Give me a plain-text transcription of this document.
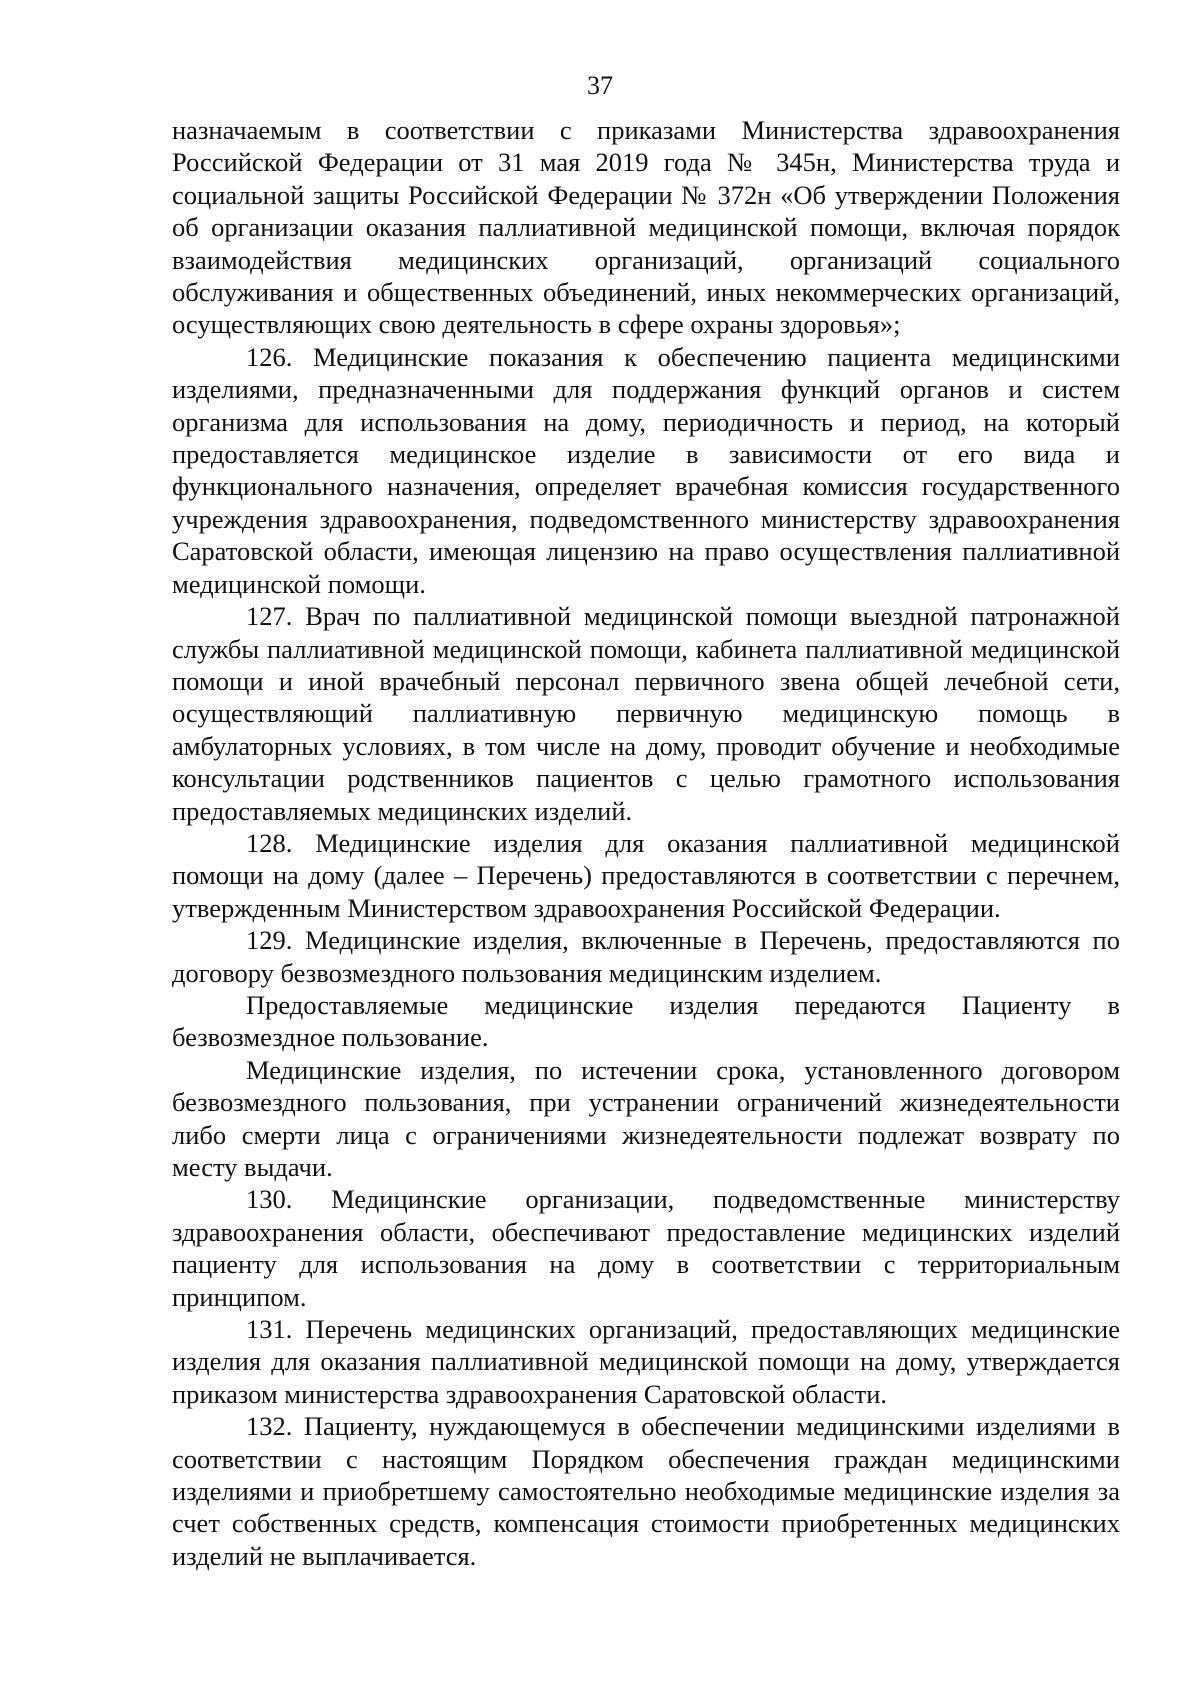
37

назначаемым в соответствии с приказами Министерства здравоохранения Российской Федерации от 31 мая 2019 года № 345н, Министерства труда и социальной защиты Российской Федерации № 372н «Об утверждении Положения об организации оказания паллиативной медицинской помощи, включая порядок взаимодействия медицинских организаций, организаций социального обслуживания и общественных объединений, иных некоммерческих организаций, осуществляющих свою деятельность в сфере охраны здоровья»;

126. Медицинские показания к обеспечению пациента медицинскими изделиями, предназначенными для поддержания функций органов и систем организма для использования на дому, периодичность и период, на который предоставляется медицинское изделие в зависимости от его вида и функционального назначения, определяет врачебная комиссия государственного учреждения здравоохранения, подведомственного министерству здравоохранения Саратовской области, имеющая лицензию на право осуществления паллиативной медицинской помощи.

127. Врач по паллиативной медицинской помощи выездной патронажной службы паллиативной медицинской помощи, кабинета паллиативной медицинской помощи и иной врачебный персонал первичного звена общей лечебной сети, осуществляющий паллиативную первичную медицинскую помощь в амбулаторных условиях, в том числе на дому, проводит обучение и необходимые консультации родственников пациентов с целью грамотного использования предоставляемых медицинских изделий.

128. Медицинские изделия для оказания паллиативной медицинской помощи на дому (далее – Перечень) предоставляются в соответствии с перечнем, утвержденным Министерством здравоохранения Российской Федерации.

129. Медицинские изделия, включенные в Перечень, предоставляются по договору безвозмездного пользования медицинским изделием.

Предоставляемые медицинские изделия передаются Пациенту в безвозмездное пользование.

Медицинские изделия, по истечении срока, установленного договором безвозмездного пользования, при устранении ограничений жизнедеятельности либо смерти лица с ограничениями жизнедеятельности подлежат возврату по месту выдачи.

130. Медицинские организации, подведомственные министерству здравоохранения области, обеспечивают предоставление медицинских изделий пациенту для использования на дому в соответствии с территориальным принципом.

131. Перечень медицинских организаций, предоставляющих медицинские изделия для оказания паллиативной медицинской помощи на дому, утверждается приказом министерства здравоохранения Саратовской области.

132. Пациенту, нуждающемуся в обеспечении медицинскими изделиями в соответствии с настоящим Порядком обеспечения граждан медицинскими изделиями и приобретшему самостоятельно необходимые медицинские изделия за счет собственных средств, компенсация стоимости приобретенных медицинских изделий не выплачивается.
